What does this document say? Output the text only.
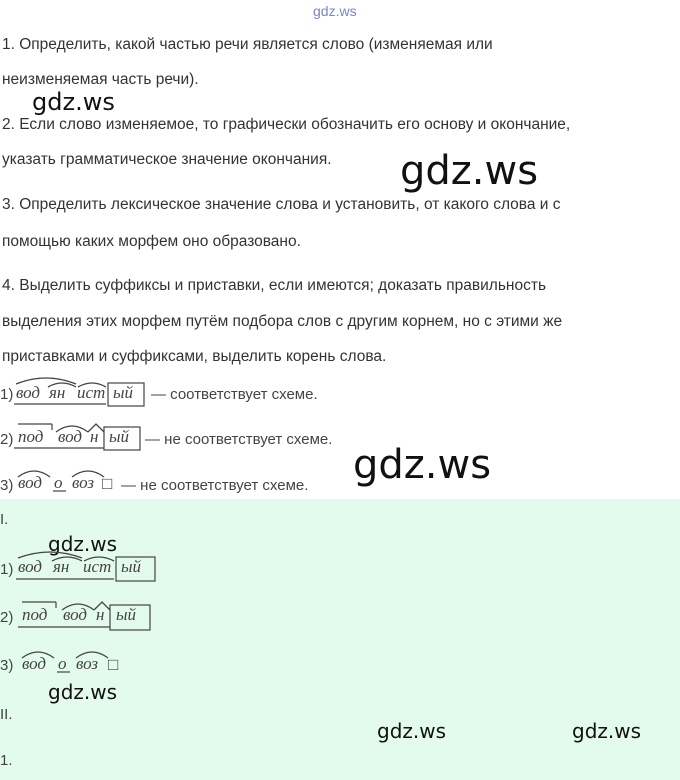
gdz.ws
1. Определить, какой частью речи является слово (изменяемая или
неизменяемая часть речи).
2. Если слово изменяемое, то графически обозначить его основу и окончание,
указать грамматическое значение окончания.
3. Определить лексическое значение слова и установить, от какого слова и с
помощью каких морфем оно образовано.
4. Выделить суффиксы и приставки, если имеются; доказать правильность
выделения этих морфем путём подбора слов с другим корнем, но с этими же
приставками и суффиксами, выделить корень слова.
gdz.ws
gdz.ws
gdz.ws
1) вод ян ист ый — соответствует схеме.
2) под вод н ый — не соответствует схеме.
3) вод о воз □ — не соответствует схеме.
I.
gdz.ws
1) вод ян ист ый
2) под вод н ый
3) вод о воз □
gdz.ws
II.
gdz.ws	gdz.ws
1.
